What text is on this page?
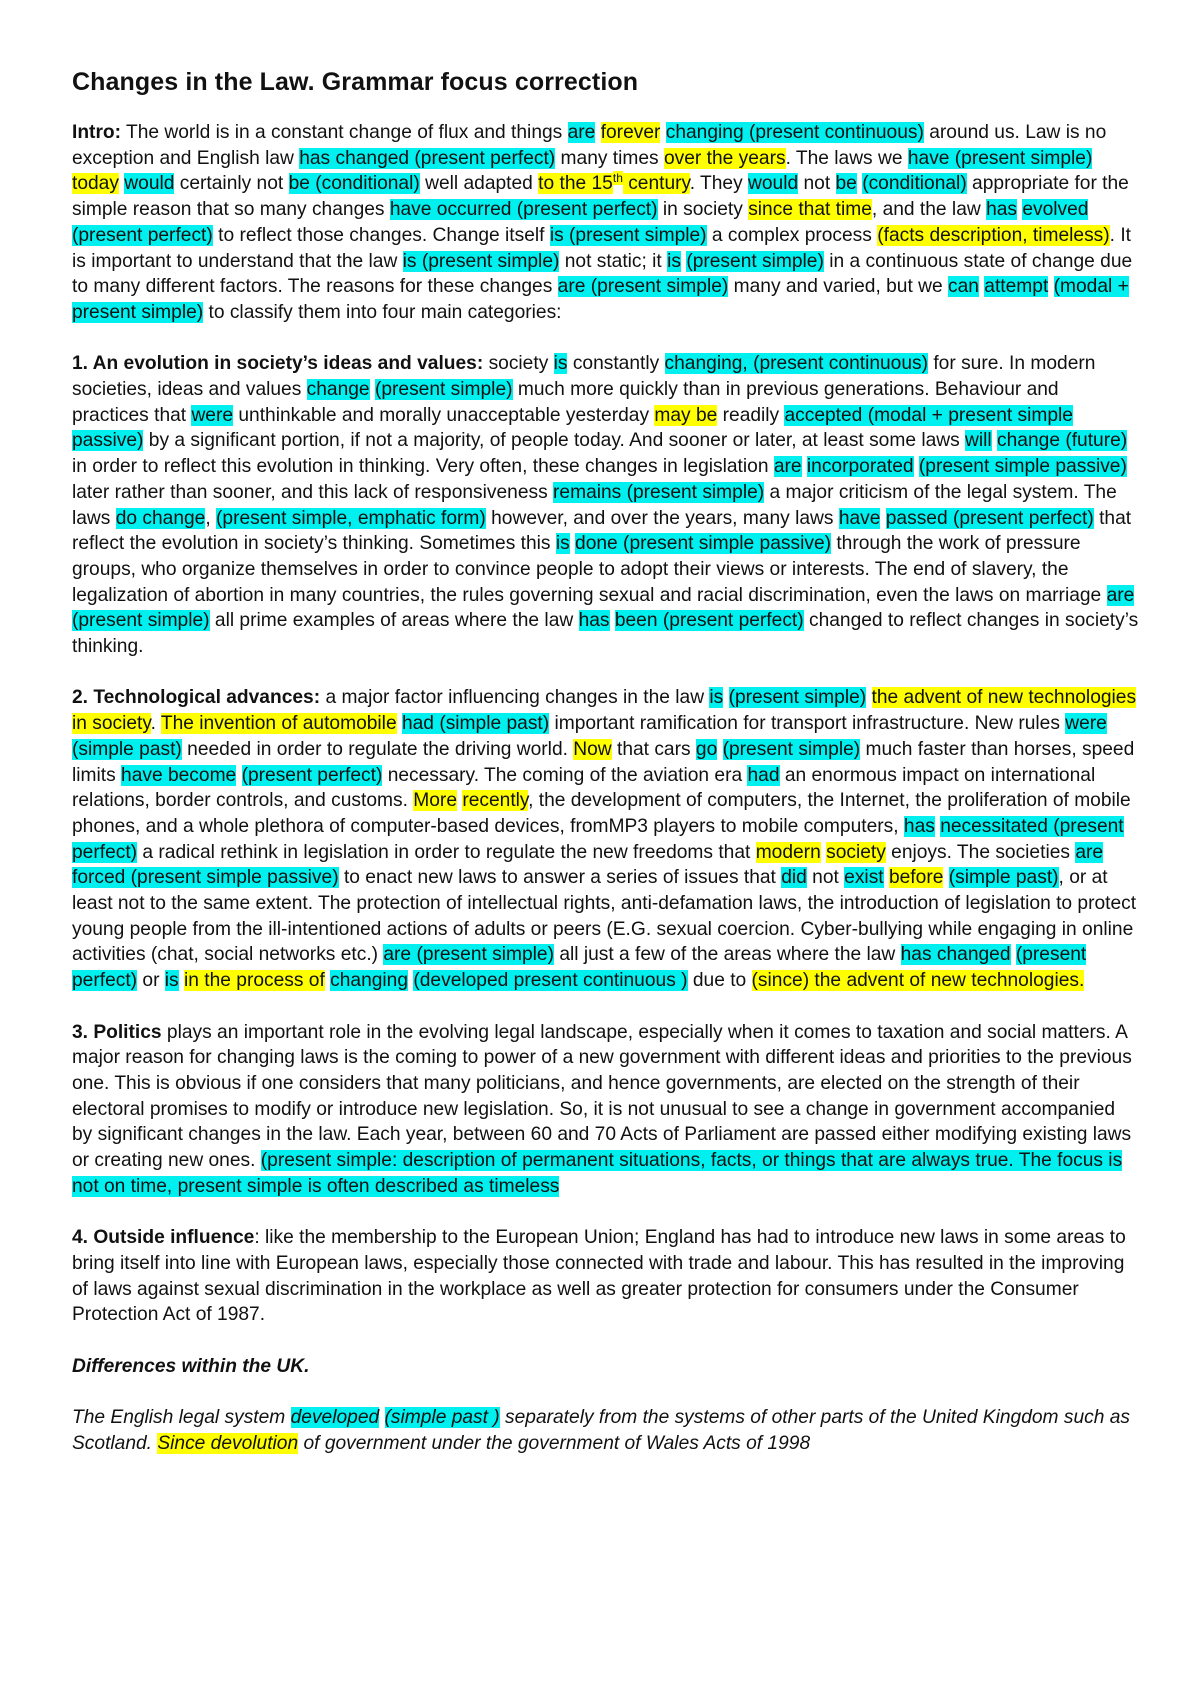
Changes in the Law. Grammar focus correction

Intro: The world is in a constant change of flux and things are forever changing (present continuous) around us. Law is no exception and English law has changed (present perfect) many times over the years. The laws we have (present simple) today would certainly not be (conditional) well adapted to the 15th century. They would not be (conditional) appropriate for the simple reason that so many changes have occurred (present perfect) in society since that time, and the law has evolved (present perfect) to reflect those changes. Change itself is (present simple) a complex process (facts description, timeless). It is important to understand that the law is (present simple) not static; it is (present simple) in a continuous state of change due to many different factors. The reasons for these changes are (present simple) many and varied, but we can attempt (modal + present simple) to classify them into four main categories:

1. An evolution in society’s ideas and values: society is constantly changing, (present continuous) for sure. In modern societies, ideas and values change (present simple) much more quickly than in previous generations. Behaviour and practices that were unthinkable and morally unacceptable yesterday may be readily accepted (modal + present simple passive) by a significant portion, if not a majority, of people today. And sooner or later, at least some laws will change (future) in order to reflect this evolution in thinking. Very often, these changes in legislation are incorporated (present simple passive) later rather than sooner, and this lack of responsiveness remains (present simple) a major criticism of the legal system. The laws do change, (present simple, emphatic form) however, and over the years, many laws have passed (present perfect) that reflect the evolution in society’s thinking. Sometimes this is done (present simple passive) through the work of pressure groups, who organize themselves in order to convince people to adopt their views or interests. The end of slavery, the legalization of abortion in many countries, the rules governing sexual and racial discrimination, even the laws on marriage are (present simple) all prime examples of areas where the law has been (present perfect) changed to reflect changes in society’s thinking.

2. Technological advances: a major factor influencing changes in the law is (present simple) the advent of new technologies in society. The invention of automobile had (simple past) important ramification for transport infrastructure. New rules were (simple past) needed in order to regulate the driving world. Now that cars go (present simple) much faster than horses, speed limits have become (present perfect) necessary. The coming of the aviation era had an enormous impact on international relations, border controls, and customs. More recently, the development of computers, the Internet, the proliferation of mobile phones, and a whole plethora of computer-based devices, fromMP3 players to mobile computers, has necessitated (present perfect) a radical rethink in legislation in order to regulate the new freedoms that modern society enjoys. The societies are forced (present simple passive) to enact new laws to answer a series of issues that did not exist before (simple past), or at least not to the same extent. The protection of intellectual rights, anti-defamation laws, the introduction of legislation to protect young people from the ill-intentioned actions of adults or peers (E.G. sexual coercion. Cyber-bullying while engaging in online activities (chat, social networks etc.) are (present simple) all just a few of the areas where the law has changed (present perfect) or is in the process of changing (developed present continuous ) due to (since) the advent of new technologies.

3. Politics plays an important role in the evolving legal landscape, especially when it comes to taxation and social matters. A major reason for changing laws is the coming to power of a new government with different ideas and priorities to the previous one. This is obvious if one considers that many politicians, and hence governments, are elected on the strength of their electoral promises to modify or introduce new legislation. So, it is not unusual to see a change in government accompanied by significant changes in the law. Each year, between 60 and 70 Acts of Parliament are passed either modifying existing laws or creating new ones. (present simple: description of permanent situations, facts, or things that are always true. The focus is not on time, present simple is often described as timeless

4. Outside influence: like the membership to the European Union; England has had to introduce new laws in some areas to bring itself into line with European laws, especially those connected with trade and labour. This has resulted in the improving of laws against sexual discrimination in the workplace as well as greater protection for consumers under the Consumer Protection Act of 1987.

Differences within the UK.

The English legal system developed (simple past ) separately from the systems of other parts of the United Kingdom such as Scotland. Since devolution of government under the government of Wales Acts of 1998
